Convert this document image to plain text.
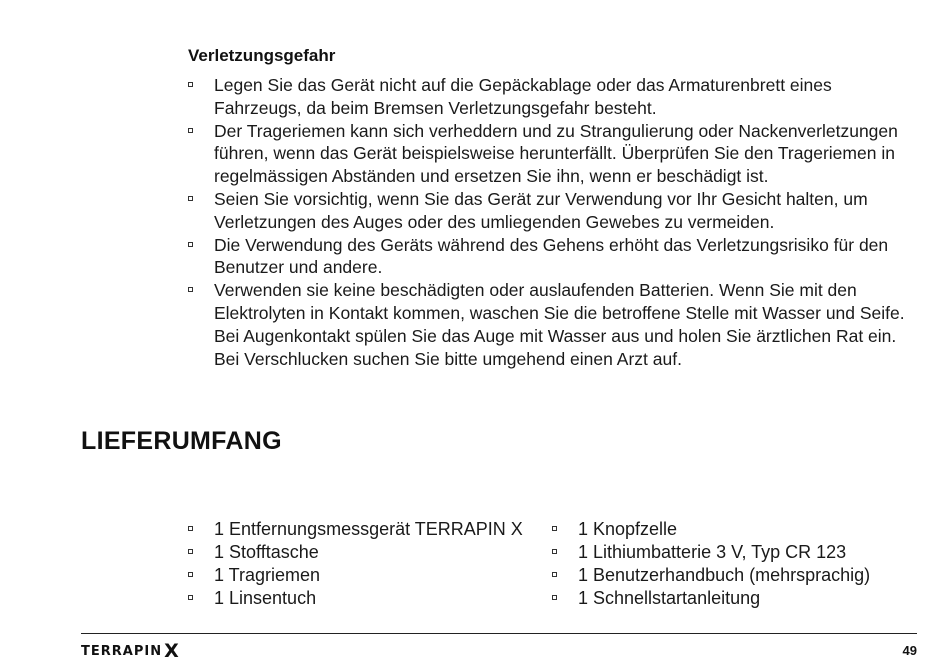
Verletzungsgefahr
Legen Sie das Gerät nicht auf die Gepäckablage oder das Armaturenbrett eines Fahrzeugs, da beim Bremsen Verletzungsgefahr besteht.
Der Trageriemen kann sich verheddern und zu Strangulierung oder Nackenverletzungen führen, wenn das Gerät beispielsweise herunterfällt. Überprüfen Sie den Trageriemen in regelmässigen Abständen und ersetzen Sie ihn, wenn er beschädigt ist.
Seien Sie vorsichtig, wenn Sie das Gerät zur Verwendung vor Ihr Gesicht halten, um Verletzungen des Auges oder des umliegenden Gewebes zu vermeiden.
Die Verwendung des Geräts während des Gehens erhöht das Verletzungsrisiko für den Benutzer und andere.
Verwenden sie keine beschädigten oder auslaufenden Batterien. Wenn Sie mit den Elektrolyten in Kontakt kommen, waschen Sie die betroffene Stelle mit Wasser und Seife. Bei Augenkontakt spülen Sie das Auge mit Wasser aus und holen Sie ärztlichen Rat ein. Bei Verschlucken suchen Sie bitte umgehend einen Arzt auf.
LIEFERUMFANG
1 Entfernungsmessgerät TERRAPIN X
1 Stofftasche
1 Tragriemen
1 Linsentuch
1 Knopfzelle
1 Lithiumbatterie 3 V, Typ CR 123
1 Benutzerhandbuch (mehrsprachig)
1 Schnellstartanleitung
TERRAPIN X	49
